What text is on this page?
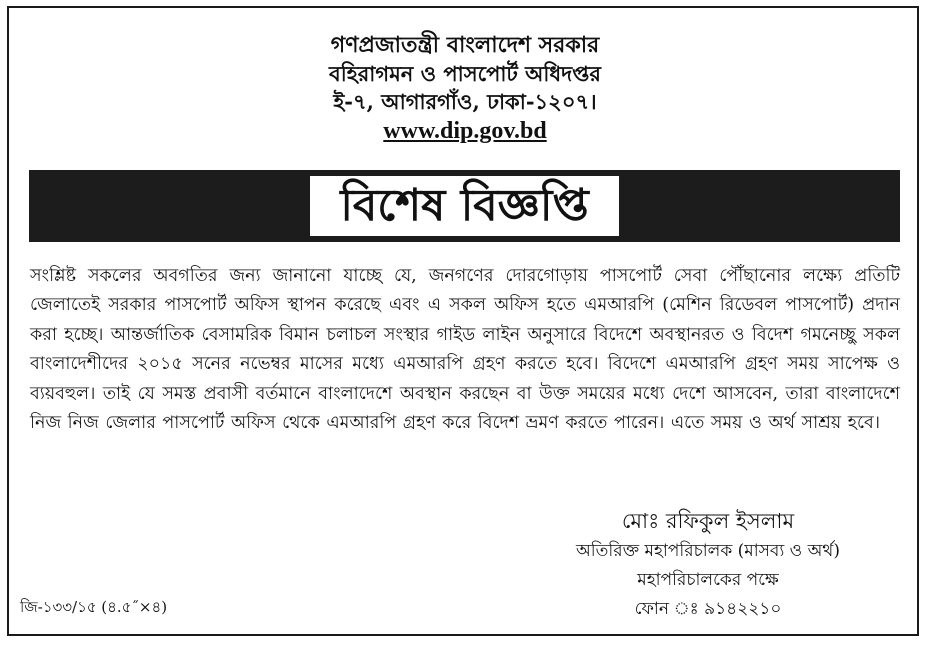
গণপ্রজাতন্ত্রী বাংলাদেশ সরকার
বহিরাগমন ও পাসপোর্ট অধিদপ্তর
ই-৭, আগারগাঁও, ঢাকা-১২০৭।
www.dip.gov.bd
বিশেষ বিজ্ঞপ্তি
সংশ্লিষ্ট সকলের অবগতির জন্য জানানো যাচ্ছে যে, জনগণের দোরগোড়ায় পাসপোর্ট সেবা পৌঁছানোর লক্ষ্যে প্রতিটি জেলাতেই সরকার পাসপোর্ট অফিস স্থাপন করেছে এবং এ সকল অফিস হতে এমআরপি (মেশিন রিডেবল পাসপোর্ট) প্রদান করা হচ্ছে। আন্তর্জাতিক বেসামরিক বিমান চলাচল সংস্থার গাইড লাইন অনুসারে বিদেশে অবস্থানরত ও বিদেশ গমনেচ্ছু সকল বাংলাদেশীদের ২০১৫ সনের নভেম্বর মাসের মধ্যে এমআরপি গ্রহণ করতে হবে। বিদেশে এমআরপি গ্রহণ সময় সাপেক্ষ ও ব্যয়বহুল। তাই যে সমস্ত প্রবাসী বর্তমানে বাংলাদেশে অবস্থান করছেন বা উক্ত সময়ের মধ্যে দেশে আসবেন, তারা বাংলাদেশে নিজ নিজ জেলার পাসপোর্ট অফিস থেকে এমআরপি গ্রহণ করে বিদেশ ভ্রমণ করতে পারেন। এতে সময় ও অর্থ সাশ্রয় হবে।
মোঃ রফিকুল ইসলাম
অতিরিক্ত মহাপরিচালক (মাসব্য ও অর্থ)
মহাপরিচালকের পক্ষে
ফোন ঃ ৯১৪২২১০
জি-১৩৩/১৫ (৪.৫˝×৪)
